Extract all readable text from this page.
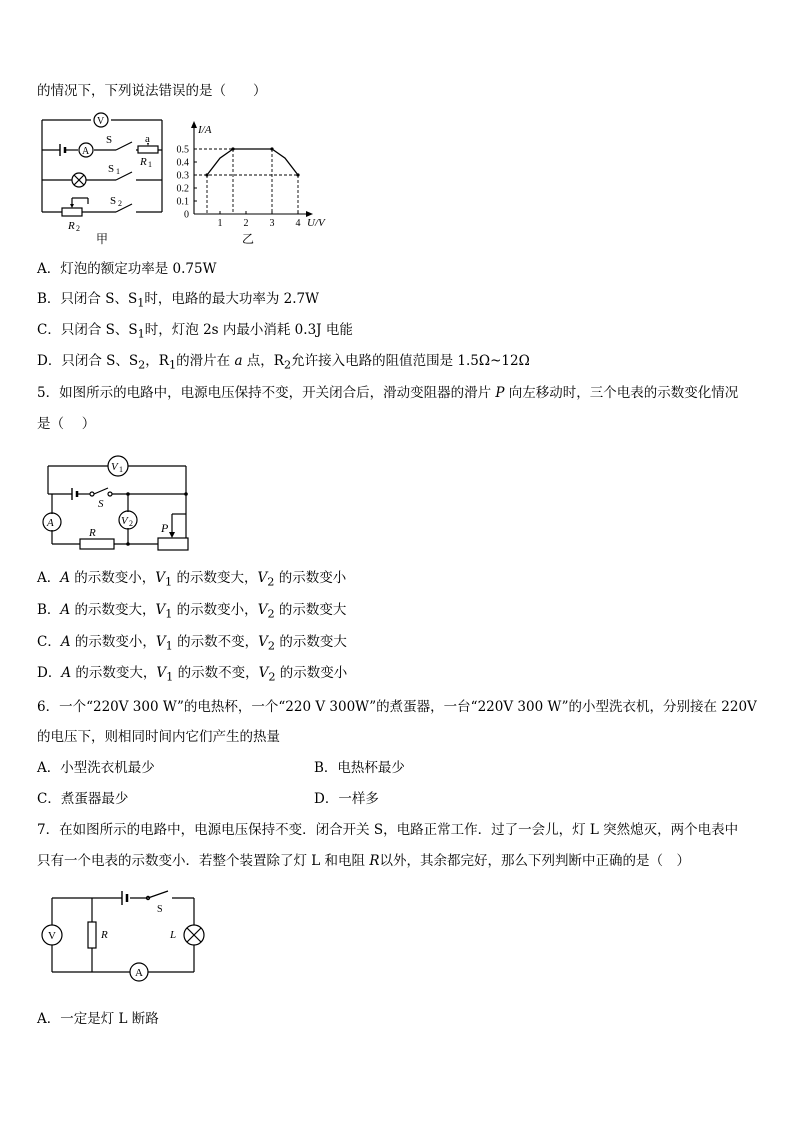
的情况下，下列说法错误的是（　　）
V
A
S	a
R 1
S 1
S 2
R 2
甲
0
0.1
0.2
0.3
0.4
0.5
1 2 3 4
I/A
U/V
乙
A．灯泡的额定功率是 0.75W
B．只闭合 S、$S_1$时，电路的最大功率为 2.7W
C．只闭合 S、$S_1$时，灯泡 2s 内最小消耗 0.3J 电能
D．只闭合 S、$S_2$，$R_1$的滑片在 a 点，$R_2$允许接入电路的阻值范围是 1.5Ω~12Ω
5．如图所示的电路中，电源电压保持不变，开关闭合后，滑动变阻器的滑片 P 向左移动时，三个电表的示数变化情况
是（　 ）
V 1
S
A	V 2
R	P
A．A 的示数变小，$V_1$ 的示数变大，$V_2$ 的示数变小
B．A 的示数变大，$V_1$ 的示数变小，$V_2$ 的示数变大
C．A 的示数变小，$V_1$ 的示数不变，$V_2$ 的示数变大
D．A 的示数变大，$V_1$ 的示数不变，$V_2$ 的示数变小
6．一个“220V 300 W”的电热杯，一个“220 V 300W”的煮蛋器，一台“220V 300 W”的小型洗衣机，分别接在 220V
的电压下，则相同时间内它们产生的热量
A．小型洗衣机最少	B．电热杯最少
C．煮蛋器最少	D．一样多
7．在如图所示的电路中，电源电压保持不变．闭合开关 S，电路正常工作．过了一会儿，灯 L 突然熄灭，两个电表中
只有一个电表的示数变小．若整个装置除了灯 L 和电阻 R以外，其余都完好，那么下列判断中正确的是（　）
V
S
R	L
A
A．一定是灯 L 断路
